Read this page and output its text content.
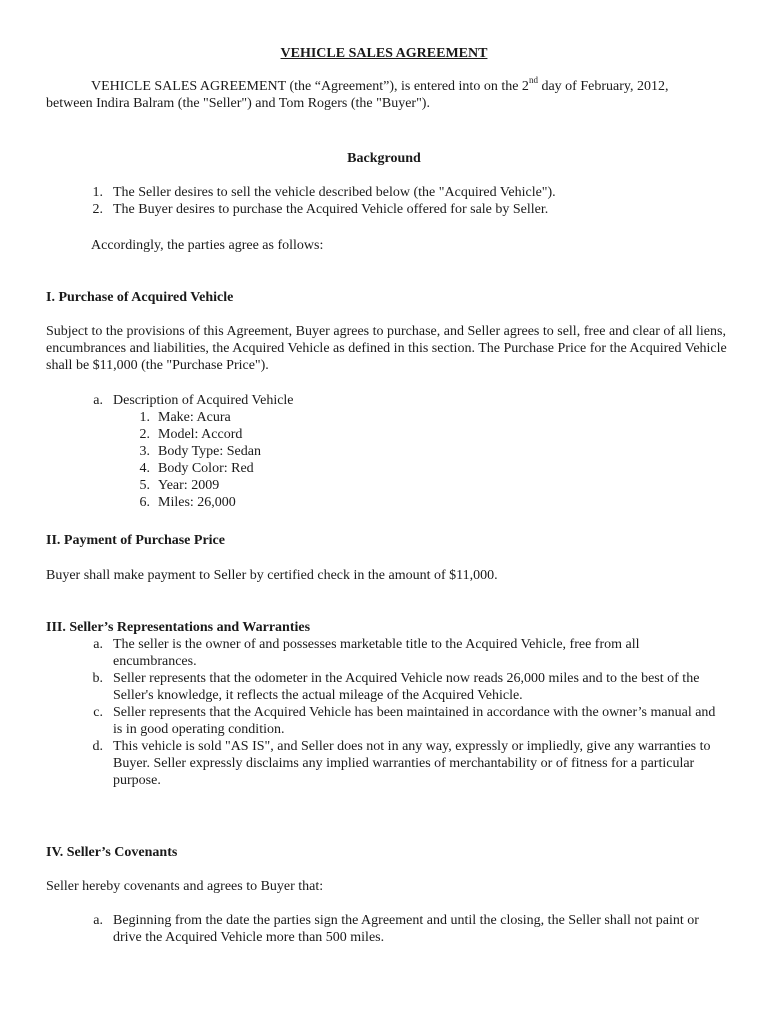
VEHICLE SALES AGREEMENT
VEHICLE SALES AGREEMENT (the “Agreement”), is entered into on the 2nd day of February, 2012,
between Indira Balram (the "Seller") and Tom Rogers (the "Buyer").
Background
1. The Seller desires to sell the vehicle described below (the "Acquired Vehicle").
2. The Buyer desires to purchase the Acquired Vehicle offered for sale by Seller.
Accordingly, the parties agree as follows:
I. Purchase of Acquired Vehicle
Subject to the provisions of this Agreement, Buyer agrees to purchase, and Seller agrees to sell, free and clear of all liens, encumbrances and liabilities, the Acquired Vehicle as defined in this section. The Purchase Price for the Acquired Vehicle shall be $11,000 (the "Purchase Price").
a. Description of Acquired Vehicle
1. Make: Acura
2. Model: Accord
3. Body Type: Sedan
4. Body Color: Red
5. Year: 2009
6. Miles: 26,000
II. Payment of Purchase Price
Buyer shall make payment to Seller by certified check in the amount of $11,000.
III. Seller’s Representations and Warranties
a. The seller is the owner of and possesses marketable title to the Acquired Vehicle, free from all encumbrances.
b. Seller represents that the odometer in the Acquired Vehicle now reads 26,000 miles and to the best of the Seller's knowledge, it reflects the actual mileage of the Acquired Vehicle.
c. Seller represents that the Acquired Vehicle has been maintained in accordance with the owner’s manual and is in good operating condition.
d. This vehicle is sold "AS IS", and Seller does not in any way, expressly or impliedly, give any warranties to Buyer. Seller expressly disclaims any implied warranties of merchantability or of fitness for a particular purpose.
IV. Seller’s Covenants
Seller hereby covenants and agrees to Buyer that:
a. Beginning from the date the parties sign the Agreement and until the closing, the Seller shall not paint or drive the Acquired Vehicle more than 500 miles.
